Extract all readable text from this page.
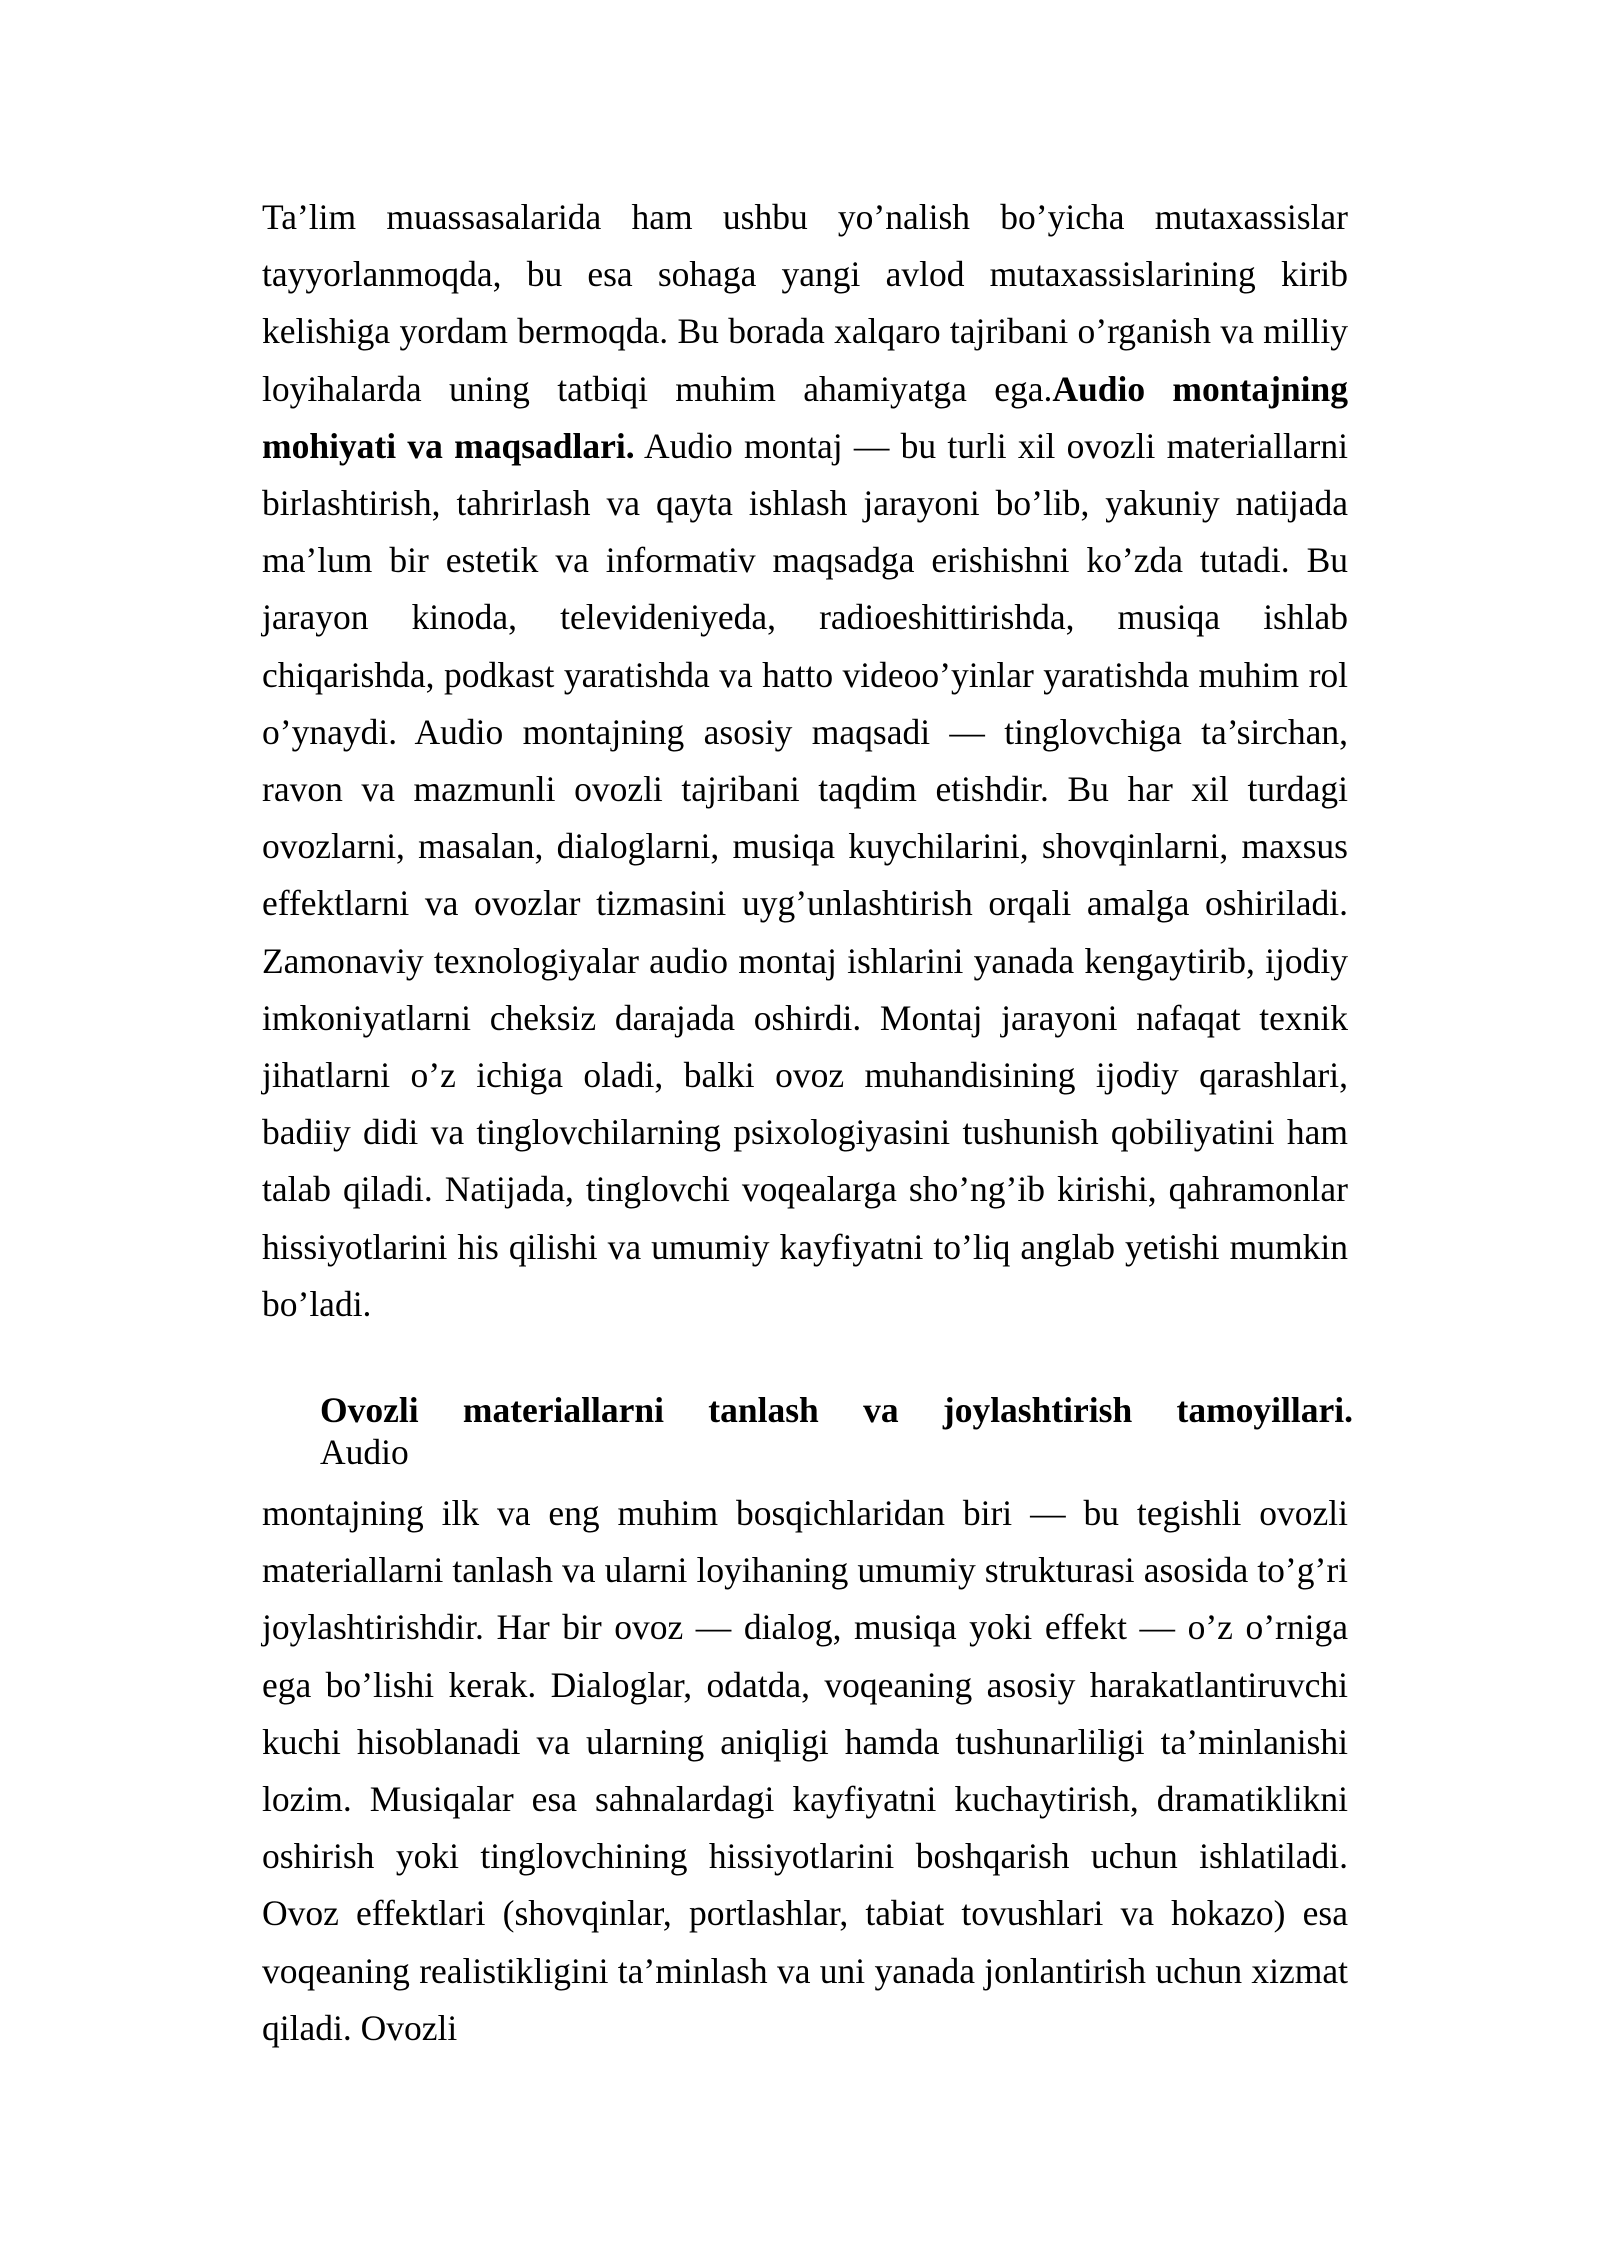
Ta’lim muassasalarida ham ushbu yo’nalish bo’yicha mutaxassislar tayyorlanmoqda, bu esa sohaga yangi avlod mutaxassislarining kirib kelishiga yordam bermoqda. Bu borada xalqaro tajribani o’rganish va milliy loyihalarda uning tatbiqi muhim ahamiyatga ega.Audio montajning mohiyati va maqsadlari. Audio montaj — bu turli xil ovozli materiallarni birlashtirish, tahrirlash va qayta ishlash jarayoni bo’lib, yakuniy natijada ma’lum bir estetik va informativ maqsadga erishishni ko’zda tutadi. Bu jarayon kinoda, televideniyeda, radioeshittirishda, musiqa ishlab chiqarishda, podkast yaratishda va hatto videoo’yinlar yaratishda muhim rol o’ynaydi. Audio montajning asosiy maqsadi — tinglovchiga ta’sirchan, ravon va mazmunli ovozli tajribani taqdim etishdir. Bu har xil turdagi ovozlarni, masalan, dialoglarni, musiqa kuychilarini, shovqinlarni, maxsus effektlarni va ovozlar tizmasini uyg’unlashtirish orqali amalga oshiriladi. Zamonaviy texnologiyalar audio montaj ishlarini yanada kengaytirib, ijodiy imkoniyatlarni cheksiz darajada oshirdi. Montaj jarayoni nafaqat texnik jihatlarni o’z ichiga oladi, balki ovoz muhandisining ijodiy qarashlari, badiiy didi va tinglovchilarning psixologiyasini tushunish qobiliyatini ham talab qiladi. Natijada, tinglovchi voqealarga sho’ng’ib kirishi, qahramonlar hissiyotlarini his qilishi va umumiy kayfiyatni to’liq anglab yetishi mumkin bo’ladi.

Ovozli materiallarni tanlash va joylashtirish tamoyillari.
Audio

montajning ilk va eng muhim bosqichlaridan biri — bu tegishli ovozli materiallarni tanlash va ularni loyihaning umumiy strukturasi asosida to’g’ri joylashtirishdir. Har bir ovoz — dialog, musiqa yoki effekt — o’z o’rniga ega bo’lishi kerak. Dialoglar, odatda, voqeaning asosiy harakatlantiruvchi kuchi hisoblanadi va ularning aniqligi hamda tushunarliligi ta’minlanishi lozim. Musiqalar esa sahnalardagi kayfiyatni kuchaytirish, dramatiklikni oshirish yoki tinglovchining hissiyotlarini boshqarish uchun ishlatiladi. Ovoz effektlari (shovqinlar, portlashlar, tabiat tovushlari va hokazo) esa voqeaning realistikligini ta’minlash va uni yanada jonlantirish uchun xizmat qiladi. Ovozli
